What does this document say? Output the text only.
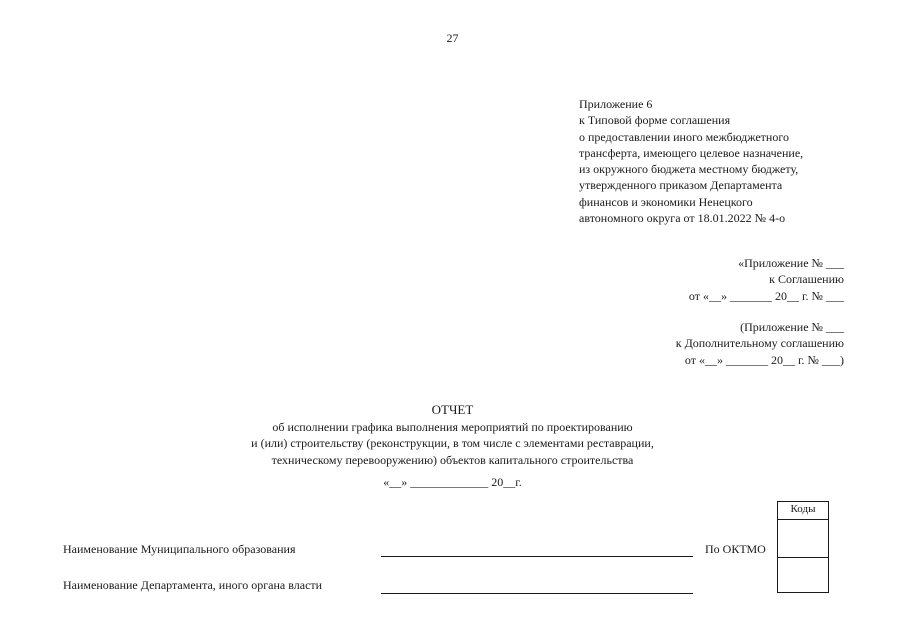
27
Приложение 6
к Типовой форме соглашения
о предоставлении иного межбюджетного
трансферта, имеющего целевое назначение,
из окружного бюджета местному бюджету,
утвержденного приказом Департамента
финансов и экономики Ненецкого
автономного округа от 18.01.2022 № 4-о
«Приложение № ___
к Соглашению
от «__» _______ 20__ г. № ___
(Приложение № ___
к Дополнительному соглашению
от «__» _______ 20__ г. № ___)
ОТЧЕТ
об исполнении графика выполнения мероприятий по проектированию
и (или) строительству (реконструкции, в том числе с элементами реставрации,
техническому перевооружению) объектов капитального строительства
«__» _____________ 20__г.
Наименование Муниципального образования
Наименование Департамента, иного органа власти
По ОКТМО
Коды
